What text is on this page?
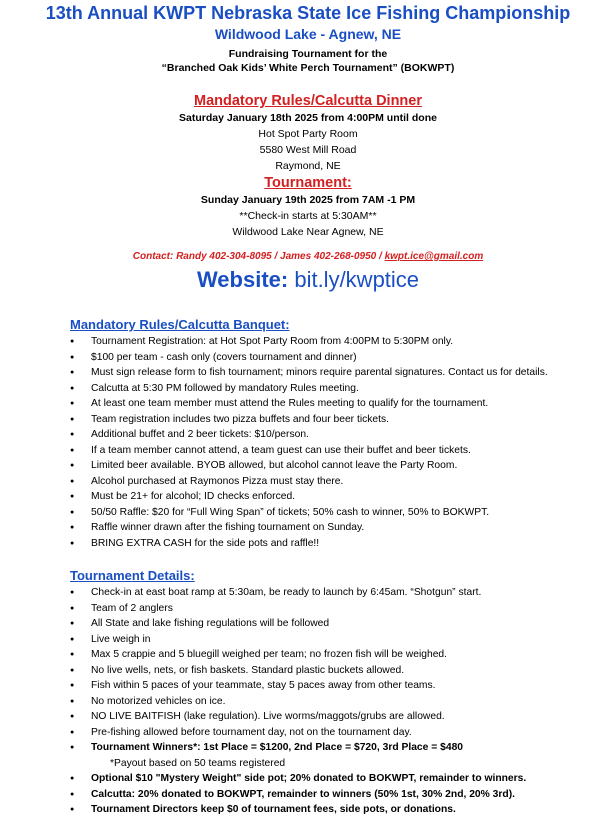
13th Annual KWPT Nebraska State Ice Fishing Championship
Wildwood Lake - Agnew, NE
Fundraising Tournament for the
“Branched Oak Kids’ White Perch Tournament” (BOKWPT)
Mandatory Rules/Calcutta Dinner
Saturday January 18th 2025 from 4:00PM until done
Hot Spot Party Room
5580 West Mill Road
Raymond, NE
Tournament:
Sunday January 19th 2025 from 7AM -1 PM
**Check-in starts at 5:30AM**
Wildwood Lake Near Agnew, NE
Contact: Randy 402-304-8095 / James 402-268-0950 / kwpt.ice@gmail.com
Website: bit.ly/kwptice
Mandatory Rules/Calcutta Banquet:
● Tournament Registration: at Hot Spot Party Room from 4:00PM to 5:30PM only.
● $100 per team - cash only (covers tournament and dinner)
● Must sign release form to fish tournament; minors require parental signatures. Contact us for details.
● Calcutta at 5:30 PM followed by mandatory Rules meeting.
● At least one team member must attend the Rules meeting to qualify for the tournament.
● Team registration includes two pizza buffets and four beer tickets.
● Additional buffet and 2 beer tickets: $10/person.
● If a team member cannot attend, a team guest can use their buffet and beer tickets.
● Limited beer available. BYOB allowed, but alcohol cannot leave the Party Room.
● Alcohol purchased at Raymonos Pizza must stay there.
● Must be 21+ for alcohol; ID checks enforced.
● 50/50 Raffle: $20 for “Full Wing Span” of tickets; 50% cash to winner, 50% to BOKWPT.
● Raffle winner drawn after the fishing tournament on Sunday.
● BRING EXTRA CASH for the side pots and raffle!!
Tournament Details:
● Check-in at east boat ramp at 5:30am, be ready to launch by 6:45am. “Shotgun” start.
● Team of 2 anglers
● All State and lake fishing regulations will be followed
● Live weigh in
● Max 5 crappie and 5 bluegill weighed per team; no frozen fish will be weighed.
● No live wells, nets, or fish baskets. Standard plastic buckets allowed.
● Fish within 5 paces of your teammate, stay 5 paces away from other teams.
● No motorized vehicles on ice.
● NO LIVE BAITFISH (lake regulation). Live worms/maggots/grubs are allowed.
● Pre-fishing allowed before tournament day, not on the tournament day.
● Tournament Winners*: 1st Place = $1200, 2nd Place = $720, 3rd Place = $480
*Payout based on 50 teams registered
● Optional $10 "Mystery Weight" side pot; 20% donated to BOKWPT, remainder to winners.
● Calcutta: 20% donated to BOKWPT, remainder to winners (50% 1st, 30% 2nd, 20% 3rd).
● Tournament Directors keep $0 of tournament fees, side pots, or donations.
